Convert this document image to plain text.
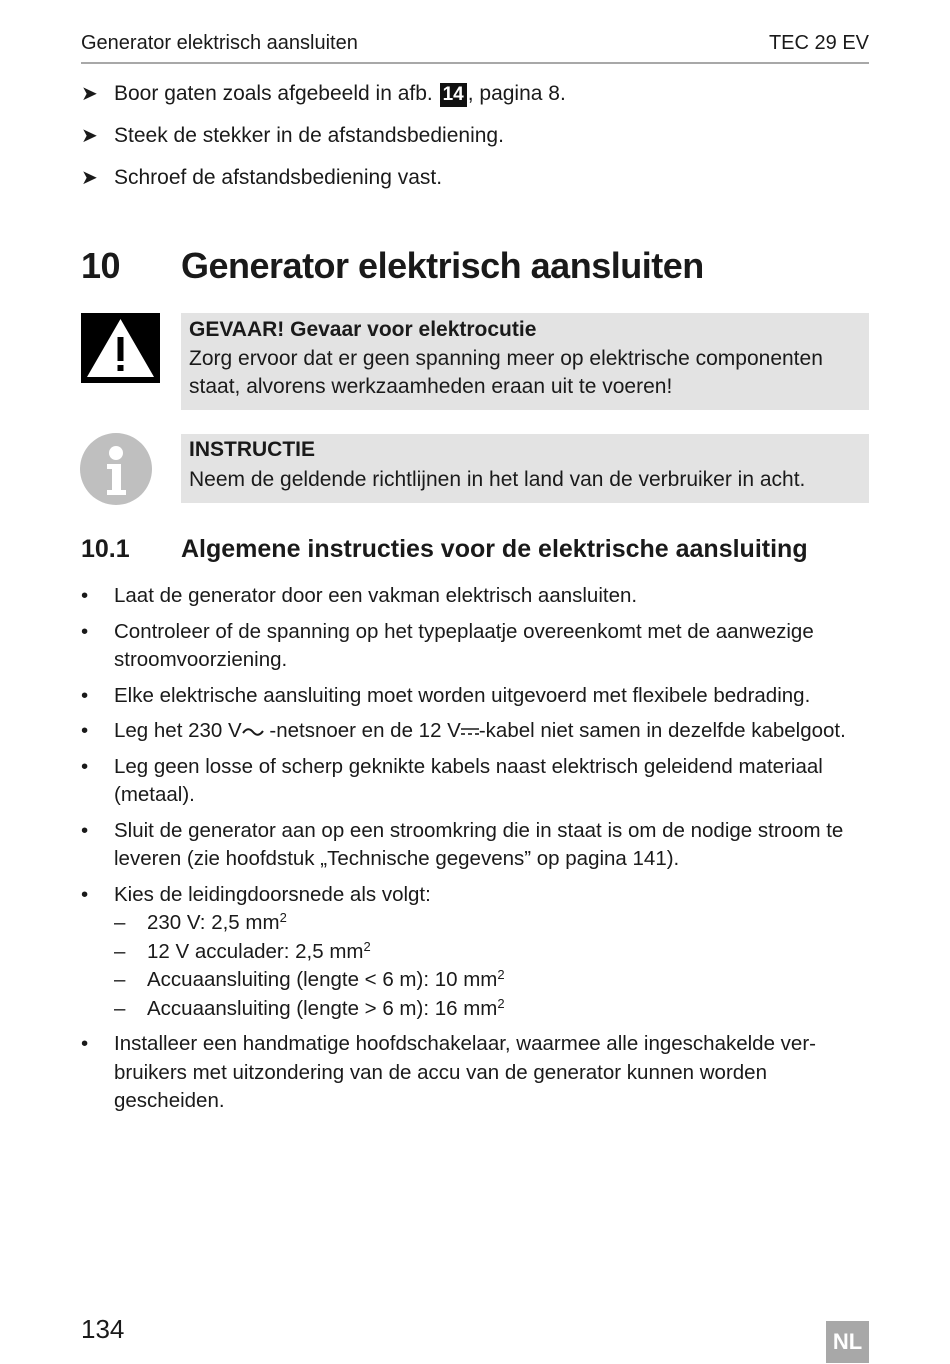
Generator elektrisch aansluiten	TEC 29 EV
➤ Boor gaten zoals afgebeeld in afb. 14 , pagina 8.
➤ Steek de stekker in de afstandsbediening.
➤ Schroef de afstandsbediening vast.
10 Generator elektrisch aansluiten
GEVAAR! Gevaar voor elektrocutie
Zorg ervoor dat er geen spanning meer op elektrische componenten staat, alvorens werkzaamheden eraan uit te voeren!
INSTRUCTIE
Neem de geldende richtlijnen in het land van de verbruiker in acht.
10.1 Algemene instructies voor de elektrische aansluiting
• Laat de generator door een vakman elektrisch aansluiten.
• Controleer of de spanning op het typeplaatje overeenkomt met de aanwezige stroomvoorziening.
• Elke elektrische aansluiting moet worden uitgevoerd met flexibele bedrading.
• Leg het 230 V -netsnoer en de 12 V -kabel niet samen in dezelfde kabelgoot.
• Leg geen losse of scherp geknikte kabels naast elektrisch geleidend materiaal (metaal).
• Sluit de generator aan op een stroomkring die in staat is om de nodige stroom te leveren (zie hoofdstuk „Technische gegevens” op pagina 141).
• Kies de leidingdoorsnede als volgt:
– 230 V: 2,5 $mm^2$
– 12 V acculader: 2,5 $mm^2$
– Accuaansluiting (lengte < 6 m): 10 $mm^2$
– Accuaansluiting (lengte > 6 m): 16 $mm^2$
• Installeer een handmatige hoofdschakelaar, waarmee alle ingeschakelde ver-bruikers met uitzondering van de accu van de generator kunnen worden gescheiden.
134	NL
